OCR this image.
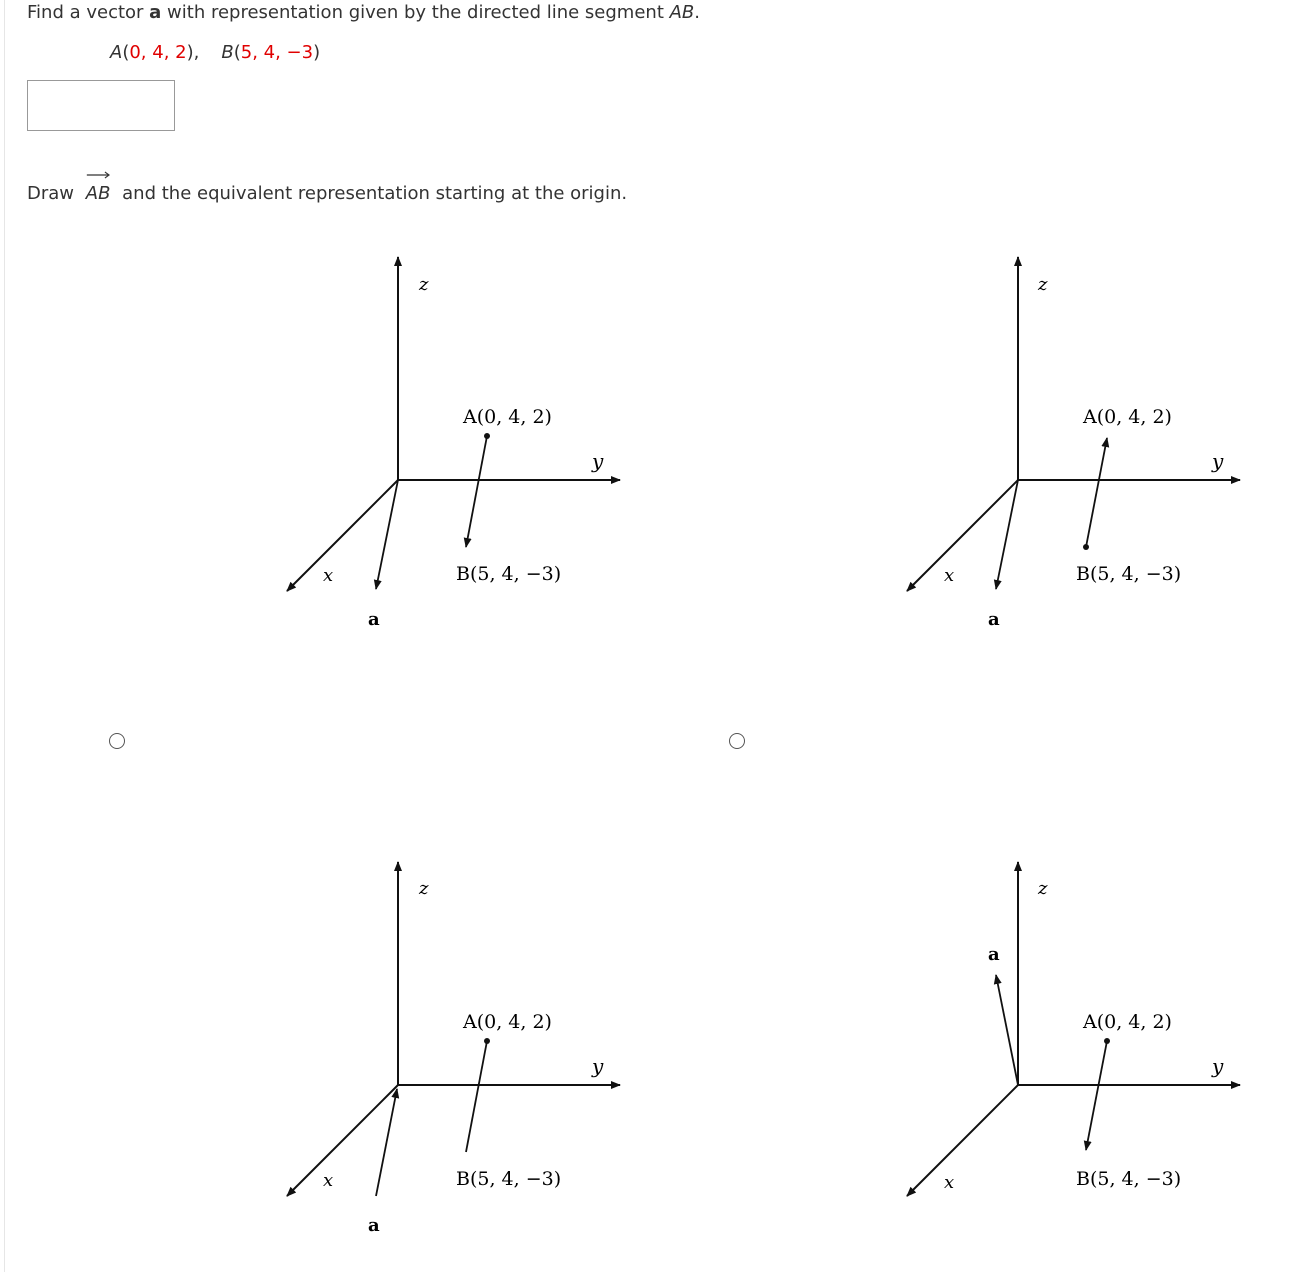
Find a vector a with representation given by the directed line segment AB.
A(0, 4, 2), B(5, 4, −3)
Draw AB and the equivalent representation starting at the origin.
z
y
x
a
A(0, 4, 2)
B(5, 4, −3)
z
y
x
a
A(0, 4, 2)
B(5, 4, −3)
z
y
x
a
A(0, 4, 2)
B(5, 4, −3)
z
y
x
a
A(0, 4, 2)
B(5, 4, −3)
